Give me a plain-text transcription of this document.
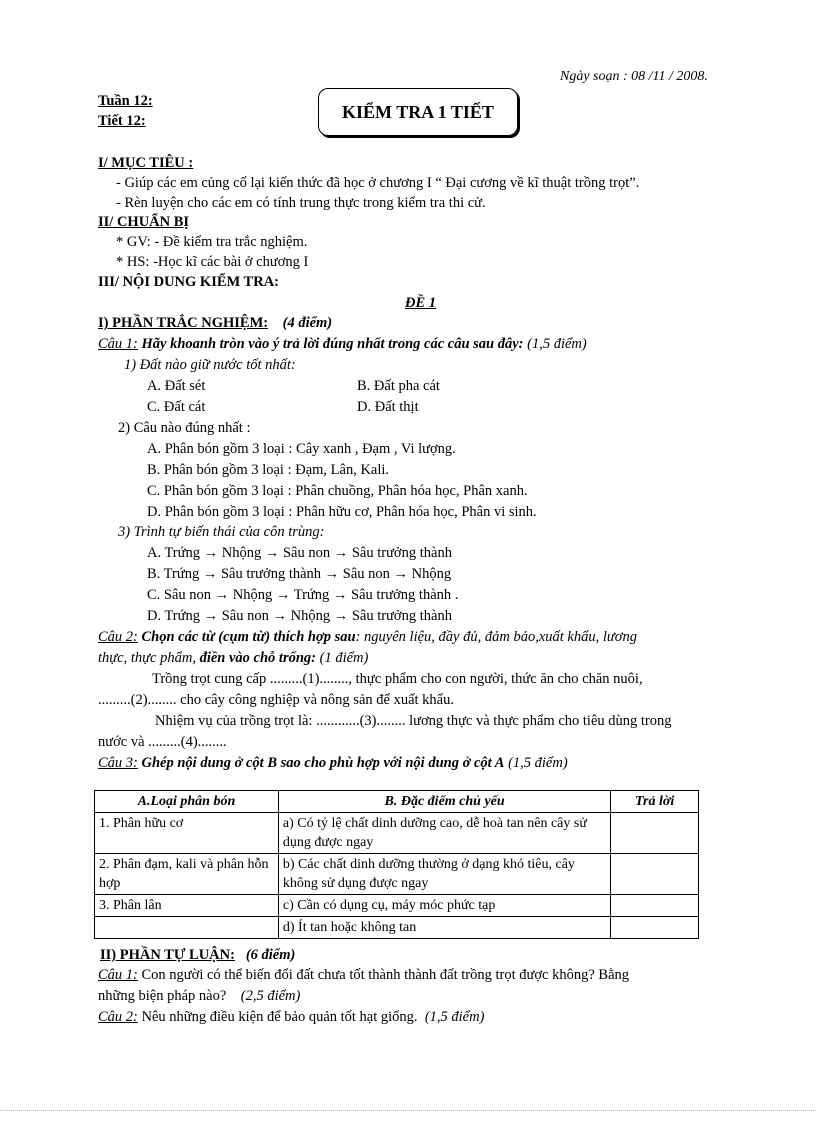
Ngày soạn : 08 /11 / 2008.
Tuần 12:
Tiết 12:	KIỂM TRA 1 TIẾT
I/ MỤC TIÊU :
- Giúp các em củng cố lại kiến thức đã học ở chương I “ Đại cương về kĩ thuật trồng trọt”.
- Rèn luyện cho các em có tính trung thực trong kiểm tra thi cử.
II/ CHUẨN BỊ
* GV: - Đề kiểm tra trắc nghiệm.
* HS: -Học kĩ các bài ở chương I
III/ NỘI DUNG KIỂM TRA:
ĐỀ 1
I) PHẦN TRẮC NGHIỆM: (4 điểm)
Câu 1: Hãy khoanh tròn vào ý trả lời đúng nhất trong các câu sau đây: (1,5 điểm)
1) Đất nào giữ nước tốt nhất:
A. Đất sét	B. Đất pha cát
C. Đất cát	D. Đất thịt
2) Câu nào đúng nhất :
A. Phân bón gồm 3 loại : Cây xanh , Đạm , Vi lượng.
B. Phân bón gồm 3 loại : Đạm, Lân, Kali.
C. Phân bón gồm 3 loại : Phân chuồng, Phân hóa học, Phân xanh.
D. Phân bón gồm 3 loại : Phân hữu cơ, Phân hóa học, Phân vi sinh.
3) Trình tự biến thái của côn trùng:
A. Trứng → Nhộng → Sâu non → Sâu trưởng thành
B. Trứng → Sâu trưởng thành → Sâu non → Nhộng
C. Sâu non → Nhộng → Trứng → Sâu trưởng thành .
D. Trứng → Sâu non → Nhộng → Sâu trưởng thành
Câu 2: Chọn các từ (cụm từ) thích hợp sau: nguyên liệu, đầy đủ, đảm bảo,xuất khẩu, lương
thực, thực phẩm, điền vào chỗ trống: (1 điểm)
Trồng trọt cung cấp .........(1)........, thực phẩm cho con người, thức ăn cho chăn nuôi,
.........(2)........ cho cây công nghiệp và nông sản để xuất khẩu.
Nhiệm vụ của trồng trọt là: ............(3)........ lương thực và thực phẩm cho tiêu dùng trong
nước và .........(4)........
Câu 3: Ghép nội dung ở cột B sao cho phù hợp với nội dung ở cột A (1,5 điểm)
A.Loại phân bón	B. Đặc điểm chủ yếu	Trả lời
1. Phân hữu cơ	a) Có tỷ lệ chất dinh dưỡng cao, dễ hoà tan nên cây sử dụng được ngay	
2. Phân đạm, kali và phân hỗn hợp	b) Các chất dinh dưỡng thường ở dạng khó tiêu, cây không sử dụng được ngay	
3. Phân lân	c) Cần có dụng cụ, máy móc phức tạp	
	d) Ít tan hoặc không tan	
II) PHẦN TỰ LUẬN: (6 điểm)
Câu 1: Con người có thể biến đổi đất chưa tốt thành thành đất trồng trọt được không? Bằng
những biện pháp nào? (2,5 điểm)
Câu 2: Nêu những điều kiện để bảo quản tốt hạt giống. (1,5 điểm)
